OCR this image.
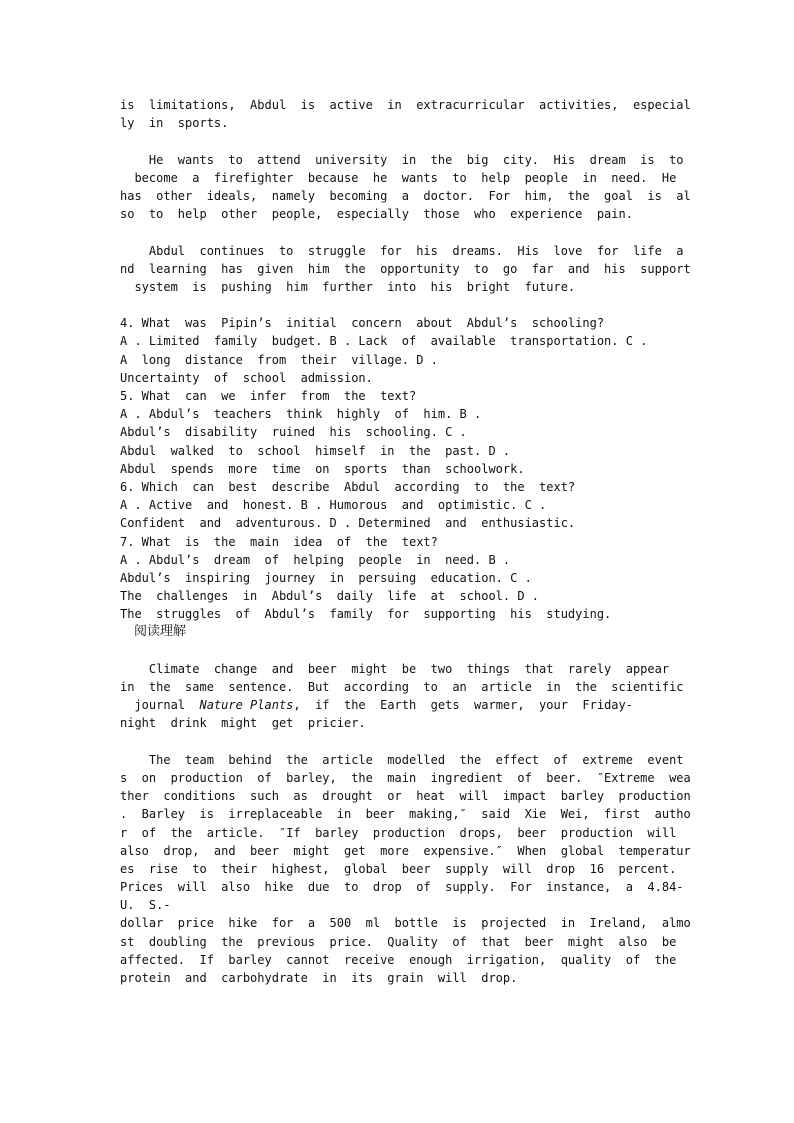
is  limitations,  Abdul  is  active  in  extracurricular  activities,  especial
ly  in  sports.
He  wants  to  attend  university  in  the  big  city.  His  dream  is  to
become  a  firefighter  because  he  wants  to  help  people  in  need.  He
has  other  ideals,  namely  becoming  a  doctor.  For  him,  the  goal  is  al
so  to  help  other  people,  especially  those  who  experience  pain.
Abdul  continues  to  struggle  for  his  dreams.  His  love  for  life  a
nd  learning  has  given  him  the  opportunity  to  go  far  and  his  support
system  is  pushing  him  further  into  his  bright  future.
4. What  was  Pipin’s  initial  concern  about  Abdul’s  schooling?
A . Limited  family  budget. B . Lack  of  available  transportation. C .
A  long  distance  from  their  village. D .
Uncertainty  of  school  admission.
5. What  can  we  infer  from  the  text?
A . Abdul’s  teachers  think  highly  of  him. B .
Abdul’s  disability  ruined  his  schooling. C .
Abdul  walked  to  school  himself  in  the  past. D .
Abdul  spends  more  time  on  sports  than  schoolwork.
6. Which  can  best  describe  Abdul  according  to  the  text?
A . Active  and  honest. B . Humorous  and  optimistic. C .
Confident  and  adventurous. D . Determined  and  enthusiastic.
7. What  is  the  main  idea  of  the  text?
A . Abdul’s  dream  of  helping  people  in  need. B .
Abdul’s  inspiring  journey  in  persuing  education. C .
The  challenges  in  Abdul’s  daily  life  at  school. D .
The  struggles  of  Abdul’s  family  for  supporting  his  studying.
阅读理解
Climate  change  and  beer  might  be  two  things  that  rarely  appear
in  the  same  sentence.  But  according  to  an  article  in  the  scientific
journal  Nature Plants,  if  the  Earth  gets  warmer,  your  Friday-
night  drink  might  get  pricier.
The  team  behind  the  article  modelled  the  effect  of  extreme  event
s  on  production  of  barley,  the  main  ingredient  of  beer.  ″Extreme  wea
ther  conditions  such  as  drought  or  heat  will  impact  barley  production
.  Barley  is  irreplaceable  in  beer  making,″  said  Xie  Wei,  first  autho
r  of  the  article.  ″If  barley  production  drops,  beer  production  will
also  drop,  and  beer  might  get  more  expensive.″  When  global  temperatur
es  rise  to  their  highest,  global  beer  supply  will  drop  16  percent.
Prices  will  also  hike  due  to  drop  of  supply.  For  instance,  a  4.84-
U.  S.-
dollar  price  hike  for  a  500  ml  bottle  is  projected  in  Ireland,  almo
st  doubling  the  previous  price.  Quality  of  that  beer  might  also  be
affected.  If  barley  cannot  receive  enough  irrigation,  quality  of  the
protein  and  carbohydrate  in  its  grain  will  drop.
